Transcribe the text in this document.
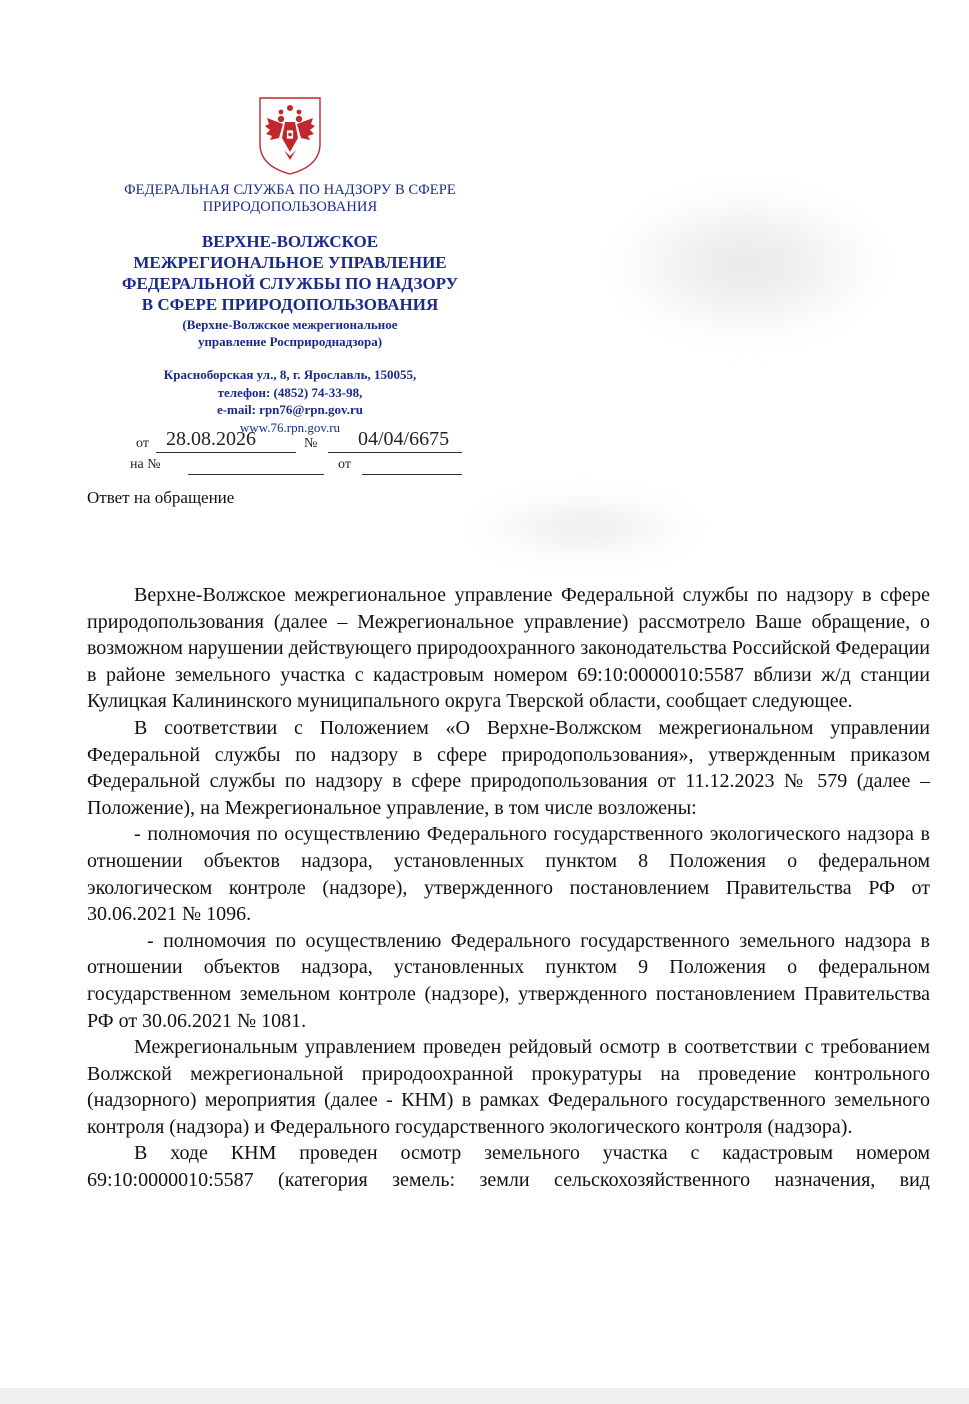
ФЕДЕРАЛЬНАЯ СЛУЖБА ПО НАДЗОРУ В СФЕРЕ
ПРИРОДОПОЛЬЗОВАНИЯ
ВЕРХНЕ-ВОЛЖСКОЕ
МЕЖРЕГИОНАЛЬНОЕ УПРАВЛЕНИЕ
ФЕДЕРАЛЬНОЙ СЛУЖБЫ ПО НАДЗОРУ
В СФЕРЕ ПРИРОДОПОЛЬЗОВАНИЯ
(Верхне-Волжское межрегиональное
управление Росприроднадзора)
Красноборская ул., 8, г. Ярославль, 150055,
телефон: (4852) 74-33-98,
e-mail: rpn76@rpn.gov.ru
www.76.rpn.gov.ru
от 28.08.2026	№ 04/04/6675
на №	от
Ответ на обращение

Верхне-Волжское межрегиональное управление Федеральной службы по надзору в сфере природопользования (далее – Межрегиональное управление) рассмотрело Ваше обращение, о возможном нарушении действующего природоохранного законодательства Российской Федерации в районе земельного участка с кадастровым номером 69:10:0000010:5587 вблизи ж/д станции Кулицкая Калининского муниципального округа Тверской области, сообщает следующее.

В соответствии с Положением «О Верхне-Волжском межрегиональном управлении Федеральной службы по надзору в сфере природопользования», утвержденным приказом Федеральной службы по надзору в сфере природопользования от 11.12.2023 № 579 (далее – Положение), на Межрегиональное управление, в том числе возложены:

- полномочия по осуществлению Федерального государственного экологического надзора в отношении объектов надзора, установленных пунктом 8 Положения о федеральном экологическом контроле (надзоре), утвержденного постановлением Правительства РФ от 30.06.2021 № 1096.

- полномочия по осуществлению Федерального государственного земельного надзора в отношении объектов надзора, установленных пунктом 9 Положения о федеральном государственном земельном контроле (надзоре), утвержденного постановлением Правительства РФ от 30.06.2021 № 1081.

Межрегиональным управлением проведен рейдовый осмотр в соответствии с требованием Волжской межрегиональной природоохранной прокуратуры на проведение контрольного (надзорного) мероприятия (далее - КНМ) в рамках Федерального государственного земельного контроля (надзора) и Федерального государственного экологического контроля (надзора).

В ходе КНМ проведен осмотр земельного участка с кадастровым номером 69:10:0000010:5587 (категория земель: земли сельскохозяйственного назначения, вид
